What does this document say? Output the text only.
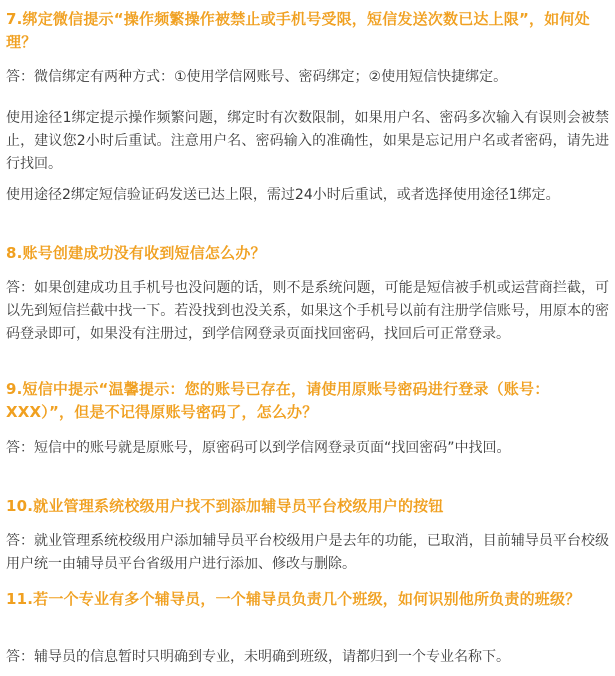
7.绑定微信提示“操作频繁操作被禁止或手机号受限，短信发送次数已达上限”，如何处理？

答：微信绑定有两种方式：①使用学信网账号、密码绑定；②使用短信快捷绑定。

使用途径1绑定提示操作频繁问题，绑定时有次数限制，如果用户名、密码多次输入有误则会被禁止，建议您2小时后重试。注意用户名、密码输入的准确性，如果是忘记用户名或者密码，请先进行找回。

使用途径2绑定短信验证码发送已达上限，需过24小时后重试，或者选择使用途径1绑定。

8.账号创建成功没有收到短信怎么办？

答：如果创建成功且手机号也没问题的话，则不是系统问题，可能是短信被手机或运营商拦截，可以先到短信拦截中找一下。若没找到也没关系，如果这个手机号以前有注册学信账号，用原本的密码登录即可，如果没有注册过，到学信网登录页面找回密码，找回后可正常登录。

9.短信中提示“温馨提示：您的账号已存在，请使用原账号密码进行登录（账号：XXX）”，但是不记得原账号密码了，怎么办？

答：短信中的账号就是原账号，原密码可以到学信网登录页面“找回密码”中找回。

10.就业管理系统校级用户找不到添加辅导员平台校级用户的按钮

答：就业管理系统校级用户添加辅导员平台校级用户是去年的功能，已取消，目前辅导员平台校级用户统一由辅导员平台省级用户进行添加、修改与删除。

11.若一个专业有多个辅导员，一个辅导员负责几个班级，如何识别他所负责的班级？

答：辅导员的信息暂时只明确到专业，未明确到班级，请都归到一个专业名称下。
